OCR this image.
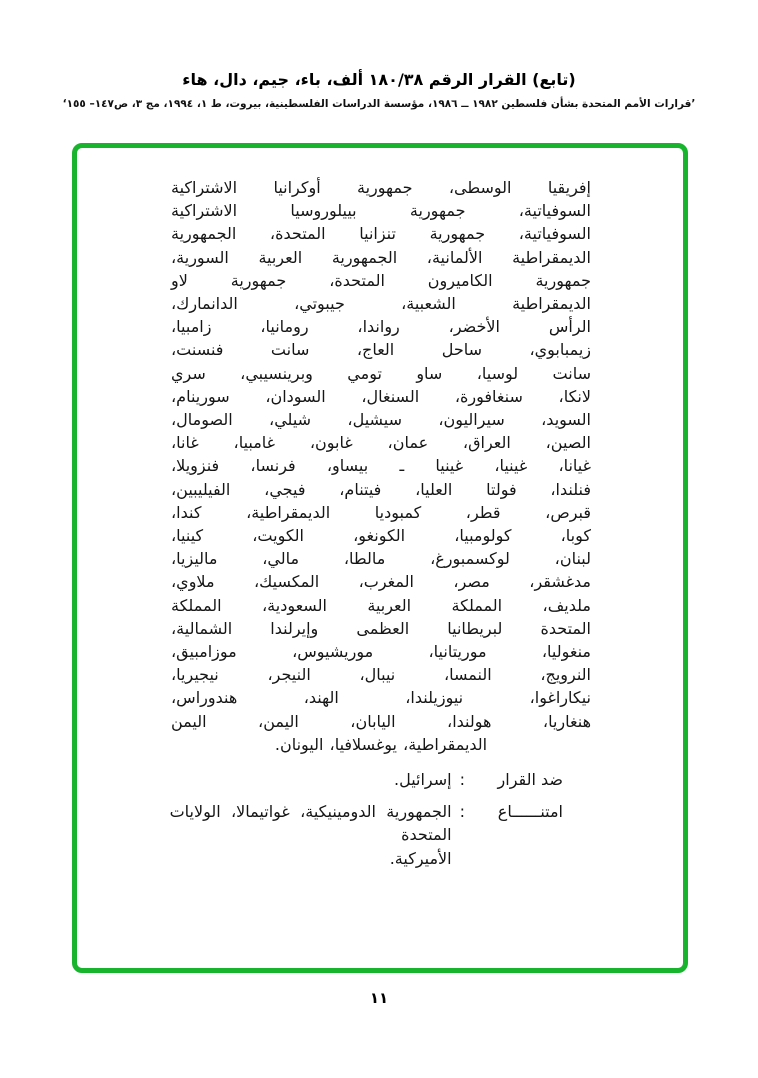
(تابع) القرار الرقم ١٨٠/٣٨ ألف، باء، جيم، دال، هاء
’قرارات الأمم المتحدة بشأن فلسطين ١٩٨٢ ــ ١٩٨٦، مؤسسة الدراسات الفلسطينية، بيروت، ط ١، ١٩٩٤، مج ٣، ص١٤٧– ١٥٥‘
إفريقيا الوسطى، جمهورية أوكرانيا الاشتراكية
السوفياتية، جمهورية بييلوروسيا الاشتراكية
السوفياتية، جمهورية تنزانيا المتحدة، الجمهورية
الديمقراطية الألمانية، الجمهورية العربية السورية،
جمهورية الكاميرون المتحدة، جمهورية لاو
الديمقراطية الشعبية، جيبوتي، الدانمارك،
الرأس الأخضر، رواندا، رومانيا، زامبيا،
زيمبابوي، ساحل العاج، سانت فنسنت،
سانت لوسيا، ساو تومي وبرينسيبي، سري
لانكا، سنغافورة، السنغال، السودان، سورينام،
السويد، سيراليون، سيشيل، شيلي، الصومال،
الصين، العراق، عمان، غابون، غامبيا، غانا،
غيانا، غينيا، غينيا ـ بيساو، فرنسا، فنزويلا،
فنلندا، فولتا العليا، فيتنام، فيجي، الفيليبين،
قبرص، قطر، كمبوديا الديمقراطية، كندا،
كوبا، كولومبيا، الكونغو، الكويت، كينيا،
لبنان، لوكسمبورغ، مالطا، مالي، ماليزيا،
مدغشقر، مصر، المغرب، المكسيك، ملاوي،
ملديف، المملكة العربية السعودية، المملكة
المتحدة لبريطانيا العظمى وإيرلندا الشمالية،
منغوليا، موريتانيا، موريشيوس، موزامبيق،
النرويج، النمسا، نيبال، النيجر، نيجيريا،
نيكاراغوا، نيوزيلندا، الهند، هندوراس،
هنغاريا، هولندا، اليابان، اليمن، اليمن
الديمقراطية، يوغسلافيا، اليونان.
ضد القرار
:
إسرائيل.
امتنــــــاع
:
الجمهورية الدومينيكية، غواتيمالا، الولايات المتحدة
الأميركية.
١١
